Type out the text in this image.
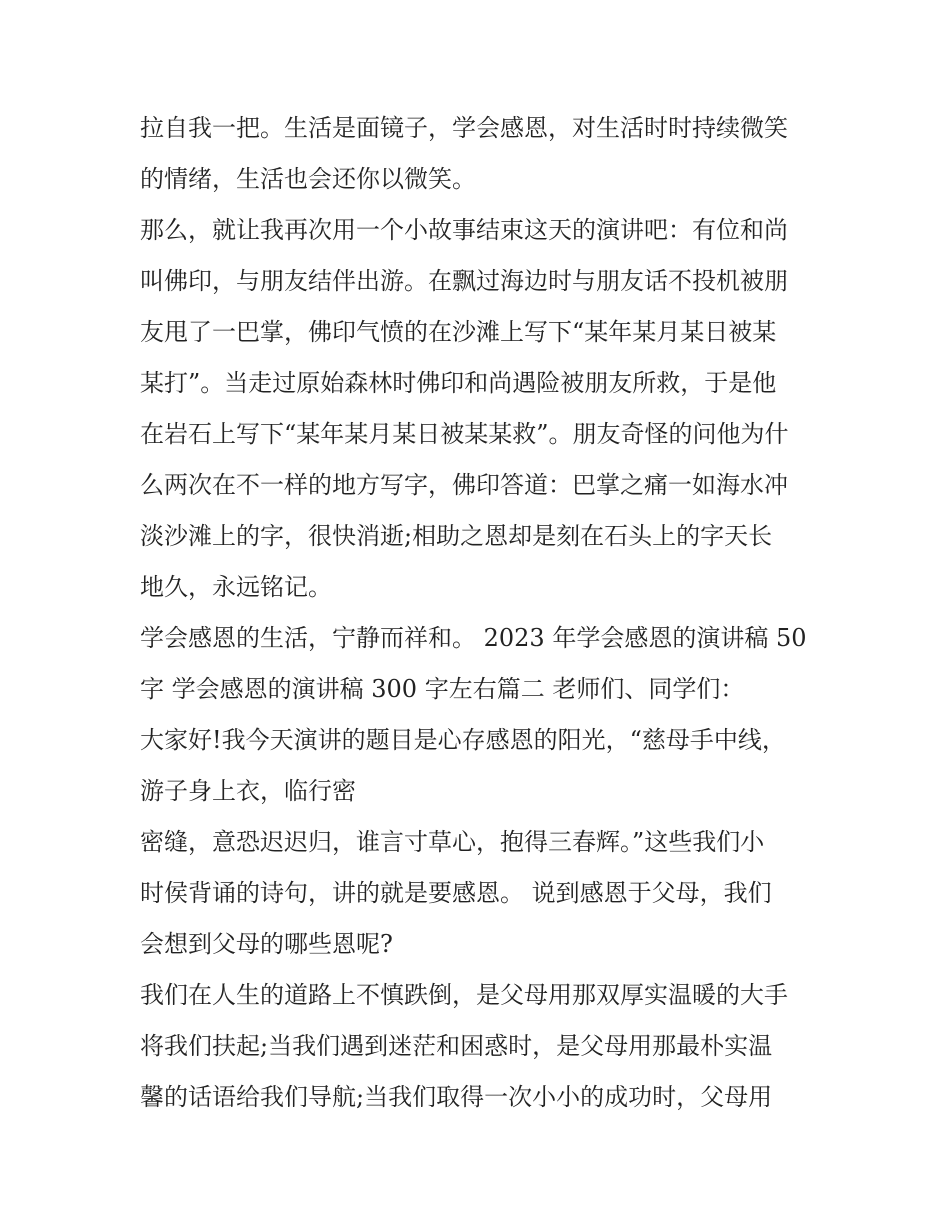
拉自我一把。生活是面镜子，学会感恩，对生活时时持续微笑
的情绪，生活也会还你以微笑。
那么，就让我再次用一个小故事结束这天的演讲吧：有位和尚
叫佛印，与朋友结伴出游。在飘过海边时与朋友话不投机被朋
友甩了一巴掌，佛印气愤的在沙滩上写下“某年某月某日被某
某打”。当走过原始森林时佛印和尚遇险被朋友所救，于是他
在岩石上写下“某年某月某日被某某救”。朋友奇怪的问他为什
么两次在不一样的地方写字，佛印答道：巴掌之痛一如海水冲
淡沙滩上的字，很快消逝;相助之恩却是刻在石头上的字天长
地久，永远铭记。
学会感恩的生活，宁静而祥和。 2023 年学会感恩的演讲稿 50
字 学会感恩的演讲稿 300 字左右篇二 老师们、同学们：
大家好!我今天演讲的题目是心存感恩的阳光，“慈母手中线，
游子身上衣，临行密
密缝，意恐迟迟归，谁言寸草心，抱得三春辉。”这些我们小
时侯背诵的诗句，讲的就是要感恩。 说到感恩于父母，我们
会想到父母的哪些恩呢?
我们在人生的道路上不慎跌倒，是父母用那双厚实温暖的大手
将我们扶起;当我们遇到迷茫和困惑时，是父母用那最朴实温
馨的话语给我们导航;当我们取得一次小小的成功时，父母用
